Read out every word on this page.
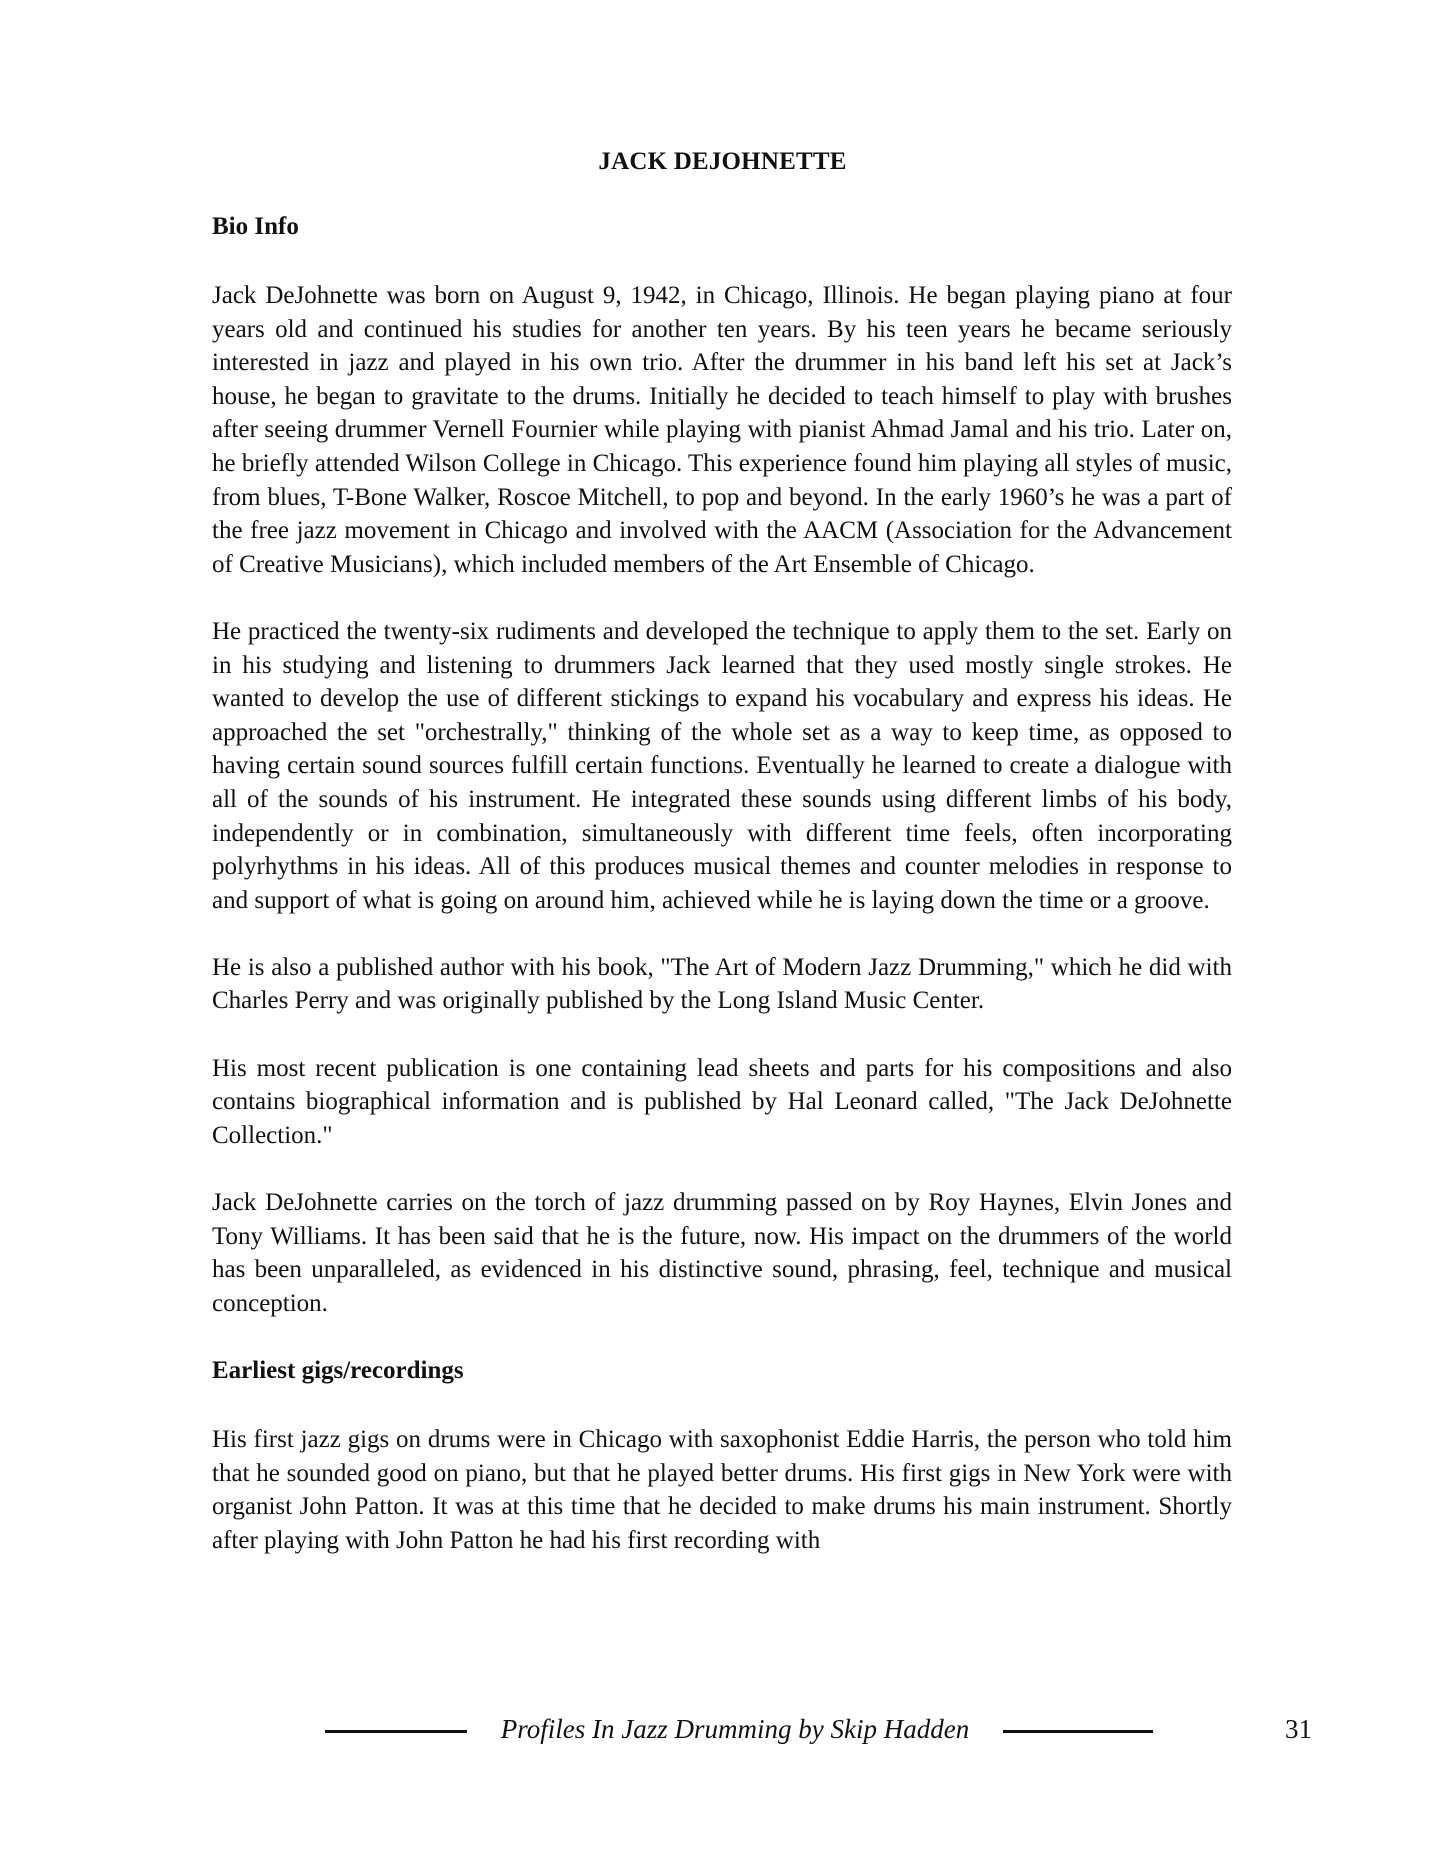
JACK DEJOHNETTE
Bio Info

Jack DeJohnette was born on August 9, 1942, in Chicago, Illinois. He began playing piano at four years old and continued his studies for another ten years. By his teen years he became seriously interested in jazz and played in his own trio. After the drummer in his band left his set at Jack’s house, he began to gravitate to the drums. Initially he decided to teach himself to play with brushes after seeing drummer Vernell Fournier while playing with pianist Ahmad Jamal and his trio. Later on, he briefly attended Wilson College in Chicago. This experience found him playing all styles of music, from blues, T-Bone Walker, Roscoe Mitchell, to pop and beyond. In the early 1960’s he was a part of the free jazz movement in Chicago and involved with the AACM (Association for the Advancement of Creative Musicians), which included members of the Art Ensemble of Chicago.

He practiced the twenty-six rudiments and developed the technique to apply them to the set. Early on in his studying and listening to drummers Jack learned that they used mostly single strokes. He wanted to develop the use of different stickings to expand his vocabulary and express his ideas. He approached the set "orchestrally," thinking of the whole set as a way to keep time, as opposed to having certain sound sources fulfill certain functions. Eventually he learned to create a dialogue with all of the sounds of his instrument. He integrated these sounds using different limbs of his body, independently or in combination, simultaneously with different time feels, often incorporating polyrhythms in his ideas. All of this produces musical themes and counter melodies in response to and support of what is going on around him, achieved while he is laying down the time or a groove.

He is also a published author with his book, "The Art of Modern Jazz Drumming," which he did with Charles Perry and was originally published by the Long Island Music Center.

His most recent publication is one containing lead sheets and parts for his compositions and also contains biographical information and is published by Hal Leonard called, "The Jack DeJohnette Collection."

Jack DeJohnette carries on the torch of jazz drumming passed on by Roy Haynes, Elvin Jones and Tony Williams. It has been said that he is the future, now. His impact on the drummers of the world has been unparalleled, as evidenced in his distinctive sound, phrasing, feel, technique and musical conception.

Earliest gigs/recordings

His first jazz gigs on drums were in Chicago with saxophonist Eddie Harris, the person who told him that he sounded good on piano, but that he played better drums. His first gigs in New York were with organist John Patton. It was at this time that he decided to make drums his main instrument. Shortly after playing with John Patton he had his first recording with

Profiles In Jazz Drumming by Skip Hadden	31
